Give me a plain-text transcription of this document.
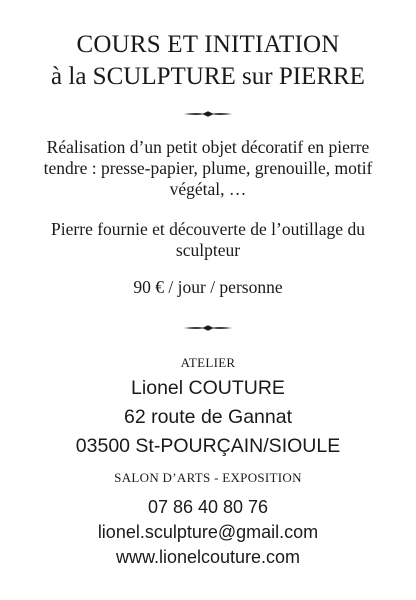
COURS ET INITIATION
à la SCULPTURE sur PIERRE
Réalisation d’un petit objet décoratif en pierre
tendre : presse-papier, plume, grenouille, motif
végétal, …
Pierre fournie et découverte de l’outillage du
sculpteur
90 € / jour / personne
ATELIER
Lionel COUTURE
62 route de Gannat
03500 St-POURÇAIN/SIOULE
SALON D’ARTS - EXPOSITION
07 86 40 80 76
lionel.sculpture@gmail.com
www.lionelcouture.com
